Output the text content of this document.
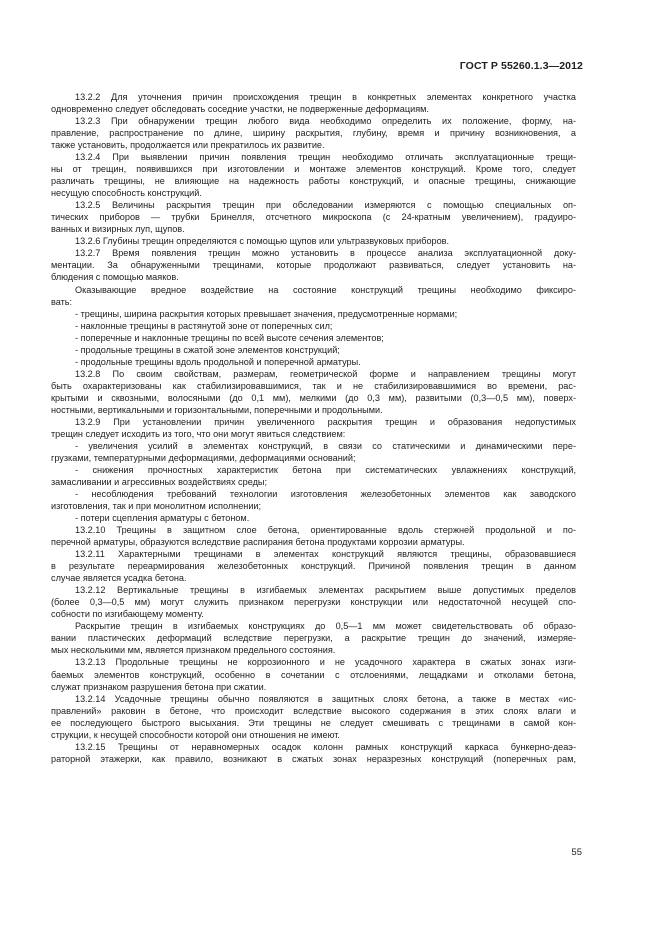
ГОСТ Р 55260.1.3—2012

13.2.2 Для уточнения причин происхождения трещин в конкретных элементах конкретного участка

одновременно следует обследовать соседние участки, не подверженные деформациям.

13.2.3 При обнаружении трещин любого вида необходимо определить их положение, форму, на-

правление, распространение по длине, ширину раскрытия, глубину, время и причину возникновения, а

также установить, продолжается или прекратилось их развитие.

13.2.4 При выявлении причин появления трещин необходимо отличать эксплуатационные трещи-

ны от трещин, появившихся при изготовлении и монтаже элементов конструкций. Кроме того, следует

различать трещины, не влияющие на надежность работы конструкций, и опасные трещины, снижающие

несущую способность конструкций.

13.2.5 Величины раскрытия трещин при обследовании измеряются с помощью специальных оп-

тических приборов — трубки Бринелля, отсчетного микроскопа (с 24-кратным увеличением), градуиро-

ванных и визирных луп, щупов.

13.2.6 Глубины трещин определяются с помощью щупов или ультразвуковых приборов.

13.2.7 Время появления трещин можно установить в процессе анализа эксплуатационной доку-

ментации. За обнаруженными трещинами, которые продолжают развиваться, следует установить на-

блюдения с помощью маяков.

Оказывающие вредное воздействие на состояние конструкций трещины необходимо фиксиро-

вать:

- трещины, ширина раскрытия которых превышает значения, предусмотренные нормами;

- наклонные трещины в растянутой зоне от поперечных сил;

- поперечные и наклонные трещины по всей высоте сечения элементов;

- продольные трещины в сжатой зоне элементов конструкций;

- продольные трещины вдоль продольной и поперечной арматуры.

13.2.8 По своим свойствам, размерам, геометрической форме и направлением трещины могут

быть охарактеризованы как стабилизировавшимися, так и не стабилизировавшимися во времени, рас-

крытыми и сквозными, волосяными (до 0,1 мм), мелкими (до 0,3 мм), развитыми (0,3—0,5 мм), поверх-

ностными, вертикальными и горизонтальными, поперечными и продольными.

13.2.9 При установлении причин увеличенного раскрытия трещин и образования недопустимых

трещин следует исходить из того, что они могут явиться следствием:

- увеличения усилий в элементах конструкций, в связи со статическими и динамическими пере-

грузками, температурными деформациями, деформациями оснований;

- снижения прочностных характеристик бетона при систематических увлажнениях конструкций,

замасливании и агрессивных воздействиях среды;

- несоблюдения требований технологии изготовления железобетонных элементов как заводского

изготовления, так и при монолитном исполнении;

- потери сцепления арматуры с бетоном.

13.2.10 Трещины в защитном слое бетона, ориентированные вдоль стержней продольной и по-

перечной арматуры, образуются вследствие распирания бетона продуктами коррозии арматуры.

13.2.11 Характерными трещинами в элементах конструкций являются трещины, образовавшиеся

в результате переармирования железобетонных конструкций. Причиной появления трещин в данном

случае является усадка бетона.

13.2.12 Вертикальные трещины в изгибаемых элементах раскрытием выше допустимых пределов

(более 0,3—0,5 мм) могут служить признаком перегрузки конструкции или недостаточной несущей спо-

собности по изгибающему моменту.

Раскрытие трещин в изгибаемых конструкциях до 0,5—1 мм может свидетельствовать об образо-

вании пластических деформаций вследствие перегрузки, а раскрытие трещин до значений, измеряе-

мых несколькими мм, является признаком предельного состояния.

13.2.13 Продольные трещины не коррозионного и не усадочного характера в сжатых зонах изги-

баемых элементов конструкций, особенно в сочетании с отслоениями, лещадками и отколами бетона,

служат признаком разрушения бетона при сжатии.

13.2.14 Усадочные трещины обычно появляются в защитных слоях бетона, а также в местах «ис-

правлений» раковин в бетоне, что происходит вследствие высокого содержания в этих слоях влаги и

ее последующего быстрого высыхания. Эти трещины не следует смешивать с трещинами в самой кон-

струкции, к несущей способности которой они отношения не имеют.

13.2.15 Трещины от неравномерных осадок колонн рамных конструкций каркаса бункерно-деаэ-

раторной этажерки, как правило, возникают в сжатых зонах неразрезных конструкций (поперечных рам,

55
